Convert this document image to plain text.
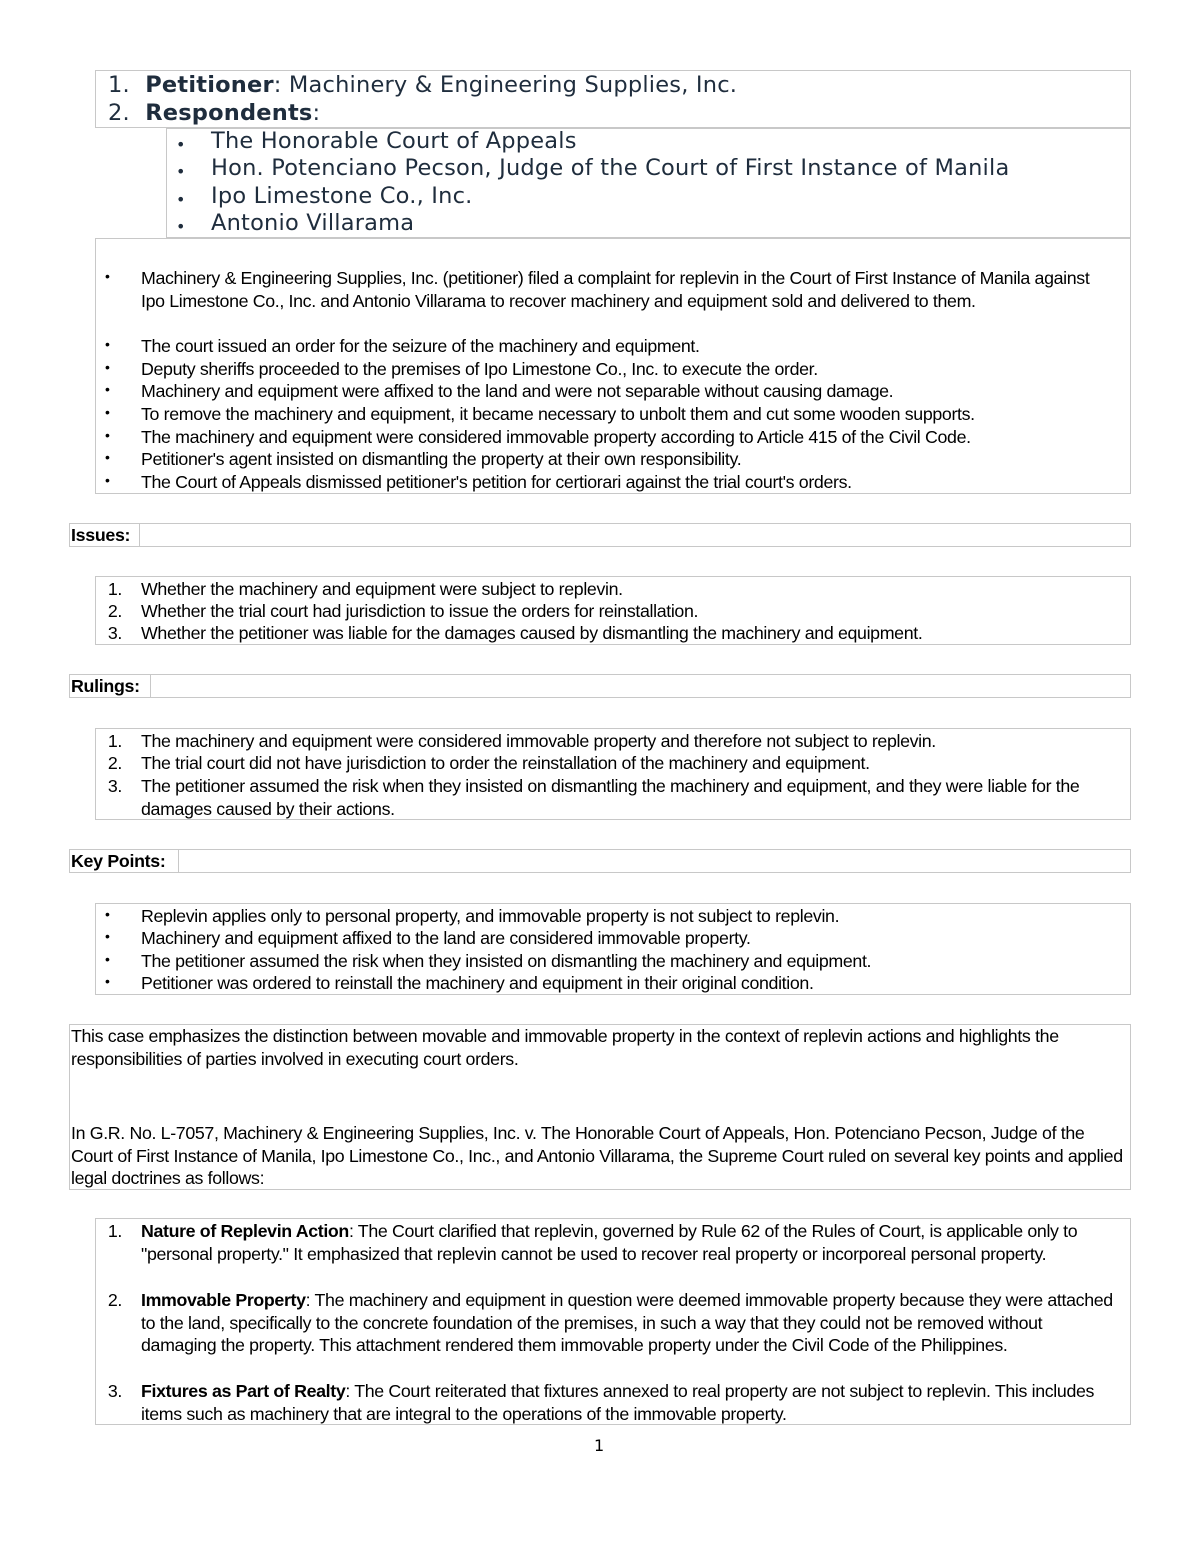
1. Petitioner: Machinery & Engineering Supplies, Inc.
2. Respondents:
• The Honorable Court of Appeals
• Hon. Potenciano Pecson, Judge of the Court of First Instance of Manila
• Ipo Limestone Co., Inc.
• Antonio Villarama
• Machinery & Engineering Supplies, Inc. (petitioner) filed a complaint for replevin in the Court of First Instance of Manila against Ipo Limestone Co., Inc. and Antonio Villarama to recover machinery and equipment sold and delivered to them.
• The court issued an order for the seizure of the machinery and equipment.
• Deputy sheriffs proceeded to the premises of Ipo Limestone Co., Inc. to execute the order.
• Machinery and equipment were affixed to the land and were not separable without causing damage.
• To remove the machinery and equipment, it became necessary to unbolt them and cut some wooden supports.
• The machinery and equipment were considered immovable property according to Article 415 of the Civil Code.
• Petitioner's agent insisted on dismantling the property at their own responsibility.
• The Court of Appeals dismissed petitioner's petition for certiorari against the trial court's orders.
Issues:
1. Whether the machinery and equipment were subject to replevin.
2. Whether the trial court had jurisdiction to issue the orders for reinstallation.
3. Whether the petitioner was liable for the damages caused by dismantling the machinery and equipment.
Rulings:
1. The machinery and equipment were considered immovable property and therefore not subject to replevin.
2. The trial court did not have jurisdiction to order the reinstallation of the machinery and equipment.
3. The petitioner assumed the risk when they insisted on dismantling the machinery and equipment, and they were liable for the damages caused by their actions.
Key Points:
• Replevin applies only to personal property, and immovable property is not subject to replevin.
• Machinery and equipment affixed to the land are considered immovable property.
• The petitioner assumed the risk when they insisted on dismantling the machinery and equipment.
• Petitioner was ordered to reinstall the machinery and equipment in their original condition.
This case emphasizes the distinction between movable and immovable property in the context of replevin actions and highlights the responsibilities of parties involved in executing court orders.
In G.R. No. L-7057, Machinery & Engineering Supplies, Inc. v. The Honorable Court of Appeals, Hon. Potenciano Pecson, Judge of the Court of First Instance of Manila, Ipo Limestone Co., Inc., and Antonio Villarama, the Supreme Court ruled on several key points and applied legal doctrines as follows:
1. Nature of Replevin Action: The Court clarified that replevin, governed by Rule 62 of the Rules of Court, is applicable only to "personal property." It emphasized that replevin cannot be used to recover real property or incorporeal personal property.
2. Immovable Property: The machinery and equipment in question were deemed immovable property because they were attached to the land, specifically to the concrete foundation of the premises, in such a way that they could not be removed without damaging the property. This attachment rendered them immovable property under the Civil Code of the Philippines.
3. Fixtures as Part of Realty: The Court reiterated that fixtures annexed to real property are not subject to replevin. This includes items such as machinery that are integral to the operations of the immovable property.
1
